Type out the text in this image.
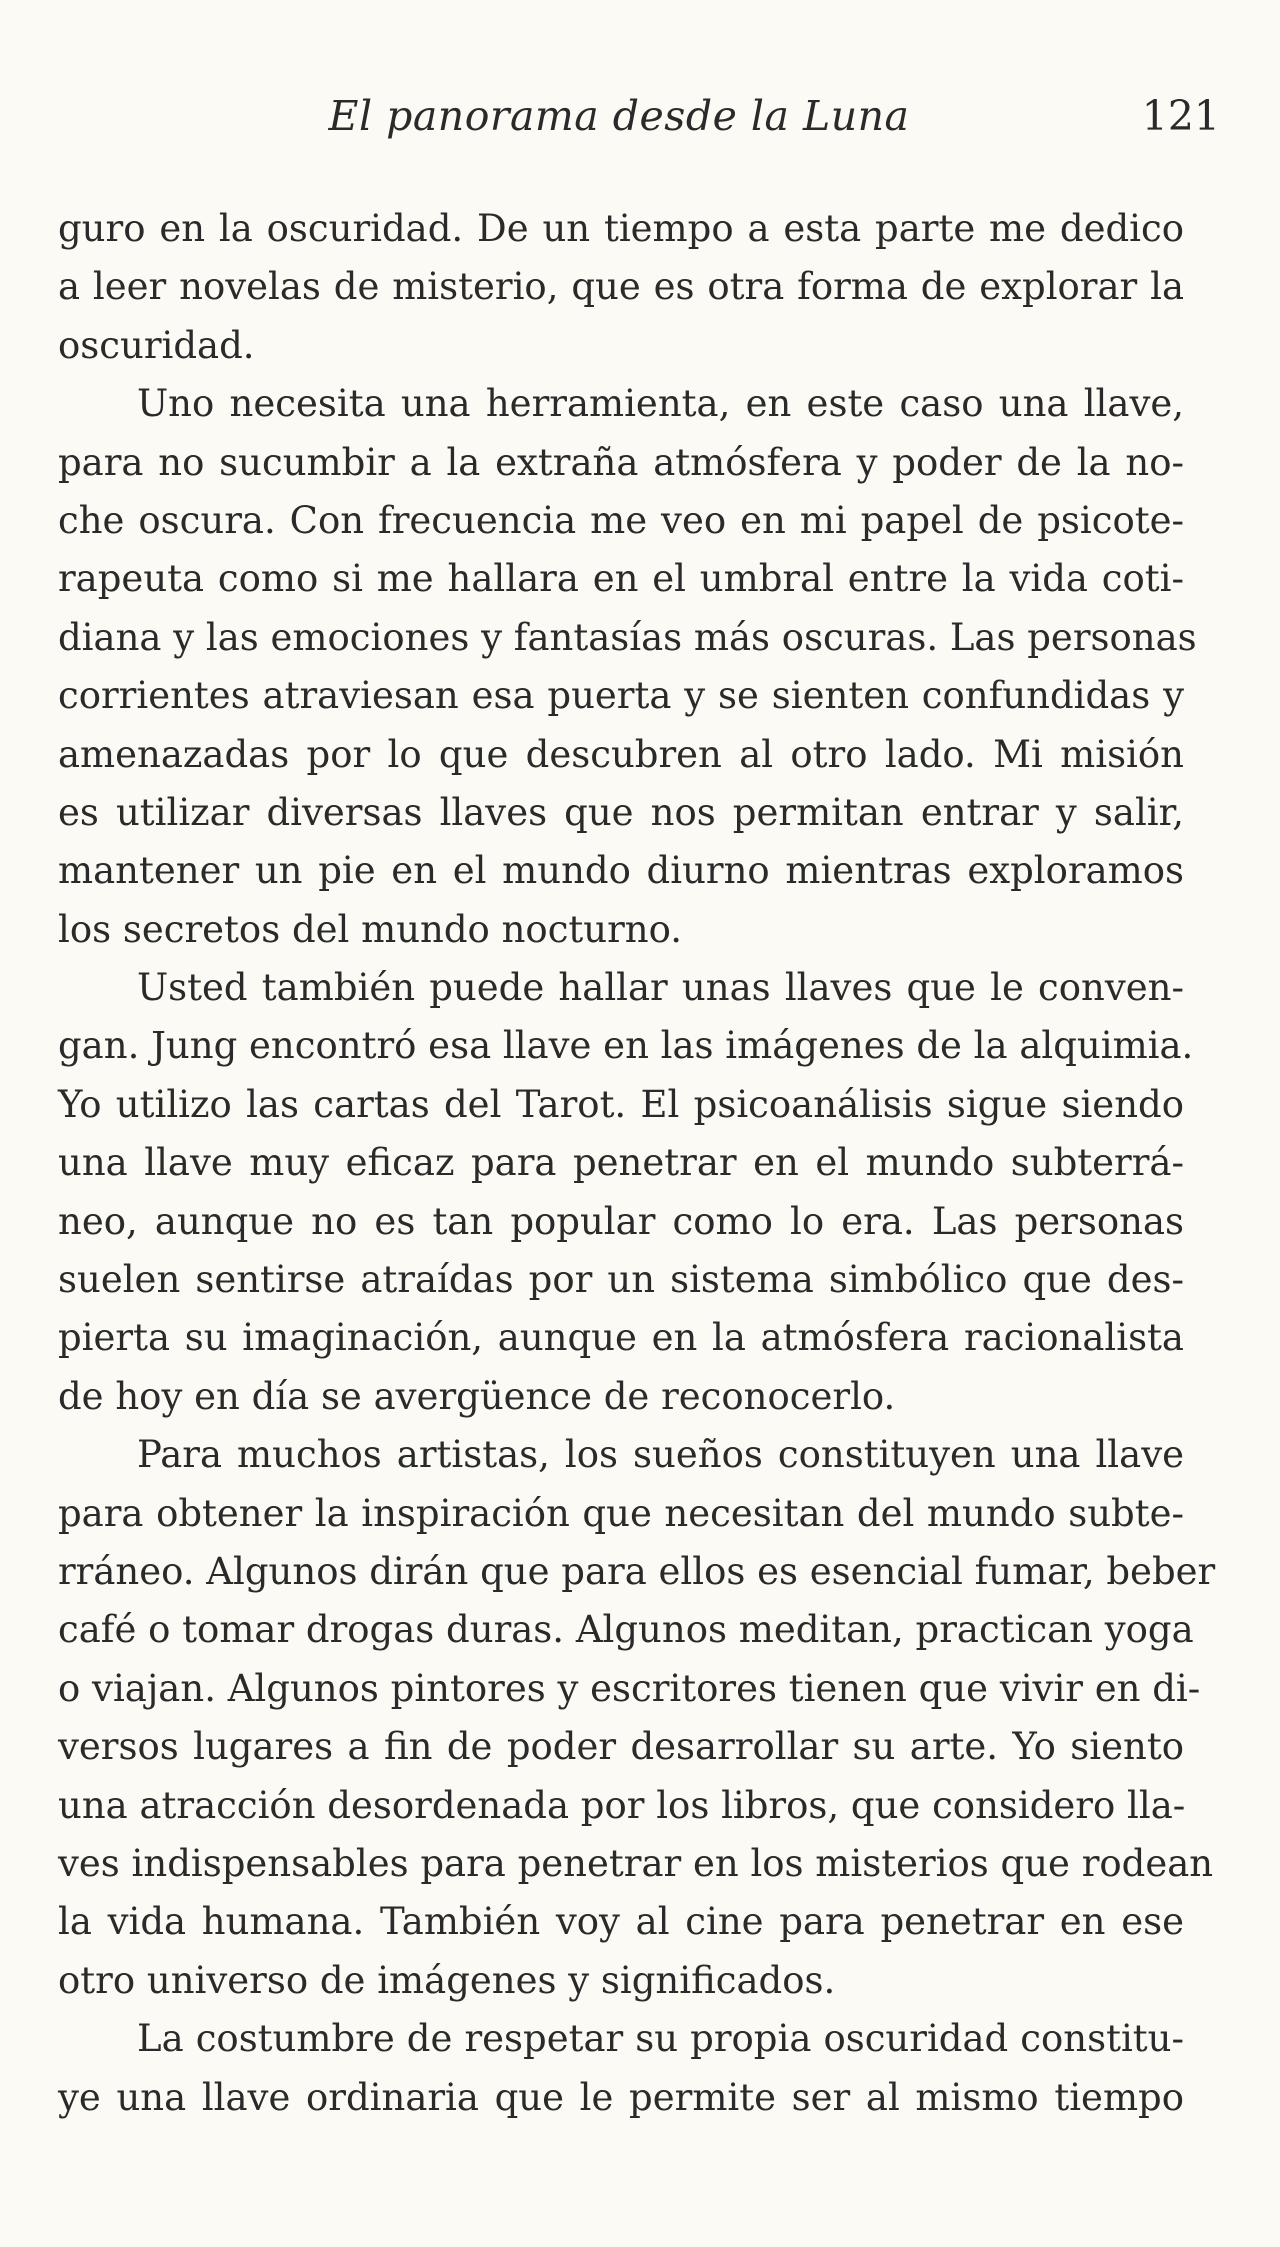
El panorama desde la Luna	121
guro en la oscuridad. De un tiempo a esta parte me dedico
a leer novelas de misterio, que es otra forma de explorar la
oscuridad.
Uno necesita una herramienta, en este caso una llave,
para no sucumbir a la extraña atmósfera y poder de la no-
che oscura. Con frecuencia me veo en mi papel de psicote-
rapeuta como si me hallara en el umbral entre la vida coti-
diana y las emociones y fantasías más oscuras. Las personas
corrientes atraviesan esa puerta y se sienten confundidas y
amenazadas por lo que descubren al otro lado. Mi misión
es utilizar diversas llaves que nos permitan entrar y salir,
mantener un pie en el mundo diurno mientras exploramos
los secretos del mundo nocturno.
Usted también puede hallar unas llaves que le conven-
gan. Jung encontró esa llave en las imágenes de la alquimia.
Yo utilizo las cartas del Tarot. El psicoanálisis sigue siendo
una llave muy eficaz para penetrar en el mundo subterrá-
neo, aunque no es tan popular como lo era. Las personas
suelen sentirse atraídas por un sistema simbólico que des-
pierta su imaginación, aunque en la atmósfera racionalista
de hoy en día se avergüence de reconocerlo.
Para muchos artistas, los sueños constituyen una llave
para obtener la inspiración que necesitan del mundo subte-
rráneo. Algunos dirán que para ellos es esencial fumar, beber
café o tomar drogas duras. Algunos meditan, practican yoga
o viajan. Algunos pintores y escritores tienen que vivir en di-
versos lugares a fin de poder desarrollar su arte. Yo siento
una atracción desordenada por los libros, que considero lla-
ves indispensables para penetrar en los misterios que rodean
la vida humana. También voy al cine para penetrar en ese
otro universo de imágenes y significados.
La costumbre de respetar su propia oscuridad constitu-
ye una llave ordinaria que le permite ser al mismo tiempo
